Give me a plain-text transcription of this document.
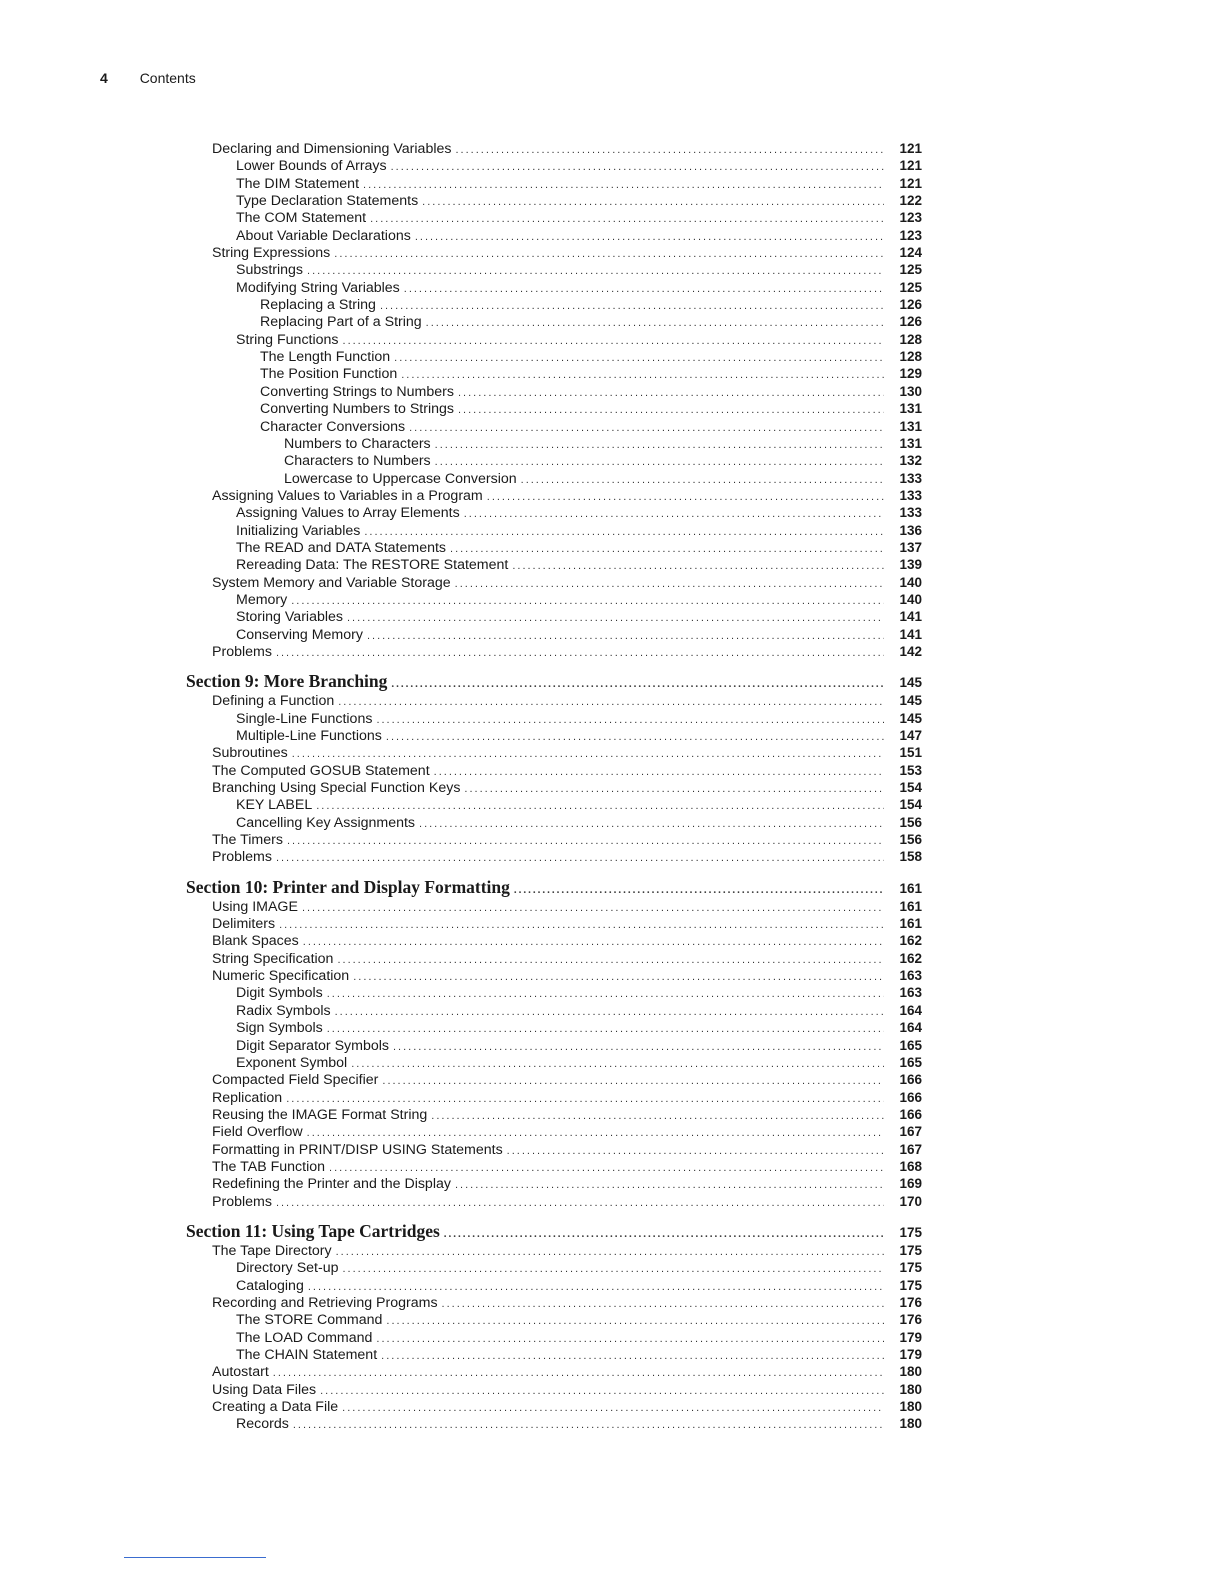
4 Contents
Declaring and Dimensioning Variables .....	121
Lower Bounds of Arrays .....	121
The DIM Statement .....	121
Type Declaration Statements .....	122
The COM Statement .....	123
About Variable Declarations .....	123
String Expressions .....	124
Substrings .....	125
Modifying String Variables .....	125
Replacing a String .....	126
Replacing Part of a String .....	126
String Functions .....	128
The Length Function .....	128
The Position Function .....	129
Converting Strings to Numbers .....	130
Converting Numbers to Strings .....	131
Character Conversions .....	131
Numbers to Characters .....	131
Characters to Numbers .....	132
Lowercase to Uppercase Conversion .....	133
Assigning Values to Variables in a Program .....	133
Assigning Values to Array Elements .....	133
Initializing Variables .....	136
The READ and DATA Statements .....	137
Rereading Data: The RESTORE Statement .....	139
System Memory and Variable Storage .....	140
Memory .....	140
Storing Variables .....	141
Conserving Memory .....	141
Problems .....	142
Section 9: More Branching .....	145
Defining a Function .....	145
Single-Line Functions .....	145
Multiple-Line Functions .....	147
Subroutines .....	151
The Computed GOSUB Statement .....	153
Branching Using Special Function Keys .....	154
KEY LABEL .....	154
Cancelling Key Assignments .....	156
The Timers .....	156
Problems .....	158
Section 10: Printer and Display Formatting .....	161
Using IMAGE .....	161
Delimiters .....	161
Blank Spaces .....	162
String Specification .....	162
Numeric Specification .....	163
Digit Symbols .....	163
Radix Symbols .....	164
Sign Symbols .....	164
Digit Separator Symbols .....	165
Exponent Symbol .....	165
Compacted Field Specifier .....	166
Replication .....	166
Reusing the IMAGE Format String .....	166
Field Overflow .....	167
Formatting in PRINT/DISP USING Statements .....	167
The TAB Function .....	168
Redefining the Printer and the Display .....	169
Problems .....	170
Section 11: Using Tape Cartridges .....	175
The Tape Directory .....	175
Directory Set-up .....	175
Cataloging .....	175
Recording and Retrieving Programs .....	176
The STORE Command .....	176
The LOAD Command .....	179
The CHAIN Statement .....	179
Autostart .....	180
Using Data Files .....	180
Creating a Data File .....	180
Records .....	180
